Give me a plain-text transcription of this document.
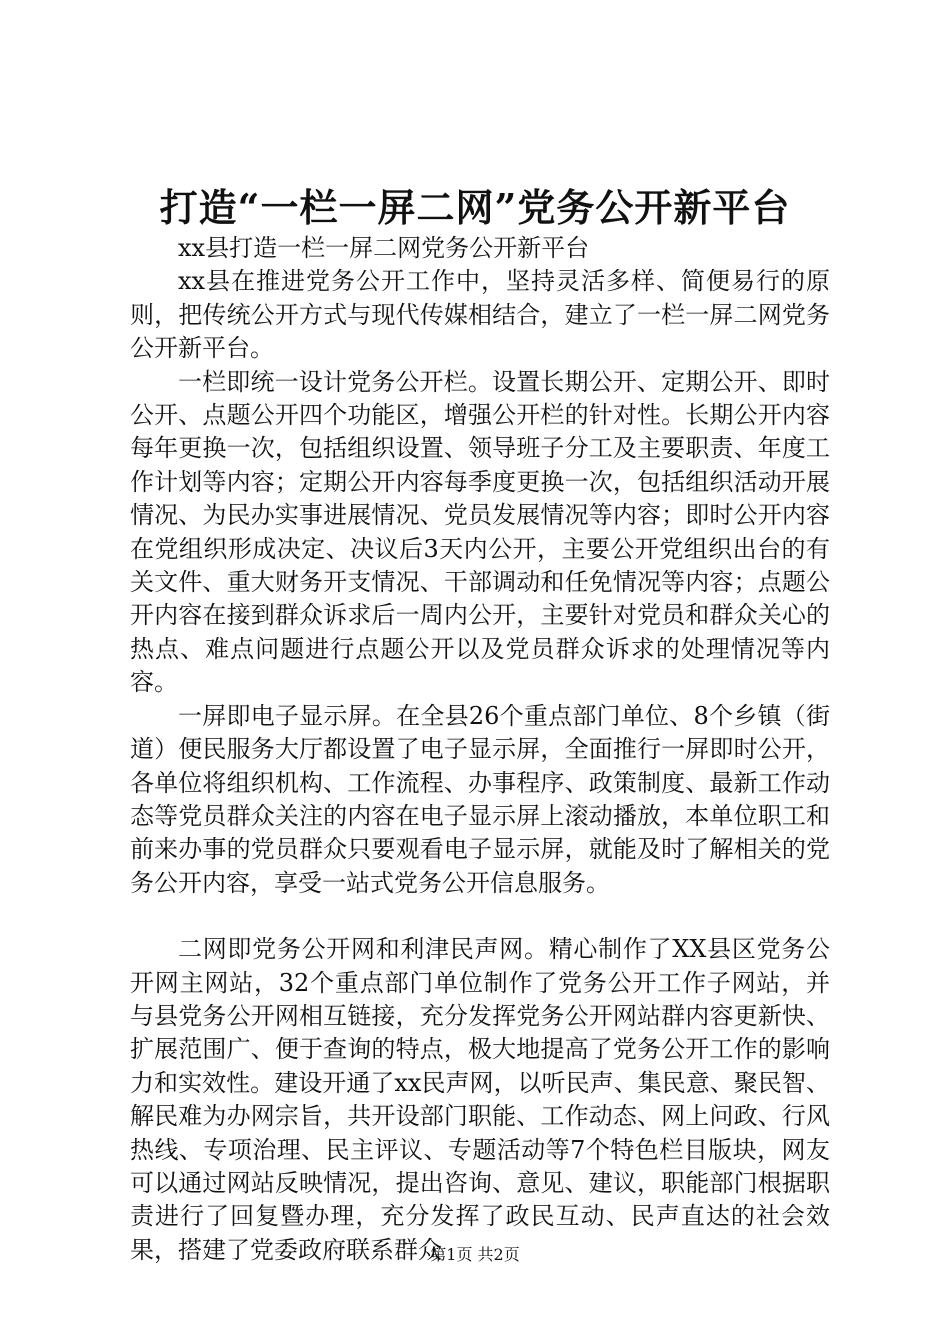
打造“一栏一屏二网”党务公开新平台

xx县打造一栏一屏二网党务公开新平台

xx县在推进党务公开工作中，坚持灵活多样、简便易行的原则，把传统公开方式与现代传媒相结合，建立了一栏一屏二网党务公开新平台。

一栏即统一设计党务公开栏。设置长期公开、定期公开、即时公开、点题公开四个功能区，增强公开栏的针对性。长期公开内容每年更换一次，包括组织设置、领导班子分工及主要职责、年度工作计划等内容；定期公开内容每季度更换一次，包括组织活动开展情况、为民办实事进展情况、党员发展情况等内容；即时公开内容在党组织形成决定、决议后3天内公开，主要公开党组织出台的有关文件、重大财务开支情况、干部调动和任免情况等内容；点题公开内容在接到群众诉求后一周内公开，主要针对党员和群众关心的热点、难点问题进行点题公开以及党员群众诉求的处理情况等内容。

一屏即电子显示屏。在全县26个重点部门单位、8个乡镇（街道）便民服务大厅都设置了电子显示屏，全面推行一屏即时公开，各单位将组织机构、工作流程、办事程序、政策制度、最新工作动态等党员群众关注的内容在电子显示屏上滚动播放，本单位职工和前来办事的党员群众只要观看电子显示屏，就能及时了解相关的党务公开内容，享受一站式党务公开信息服务。

二网即党务公开网和利津民声网。精心制作了XX县区党务公开网主网站，32个重点部门单位制作了党务公开工作子网站，并与县党务公开网相互链接，充分发挥党务公开网站群内容更新快、扩展范围广、便于查询的特点，极大地提高了党务公开工作的影响力和实效性。建设开通了xx民声网，以听民声、集民意、聚民智、解民难为办网宗旨，共开设部门职能、工作动态、网上问政、行风热线、专项治理、民主评议、专题活动等7个特色栏目版块，网友可以通过网站反映情况，提出咨询、意见、建议，职能部门根据职责进行了回复暨办理，充分发挥了政民互动、民声直达的社会效果，搭建了党委政府联系群众

第1页 共2页
